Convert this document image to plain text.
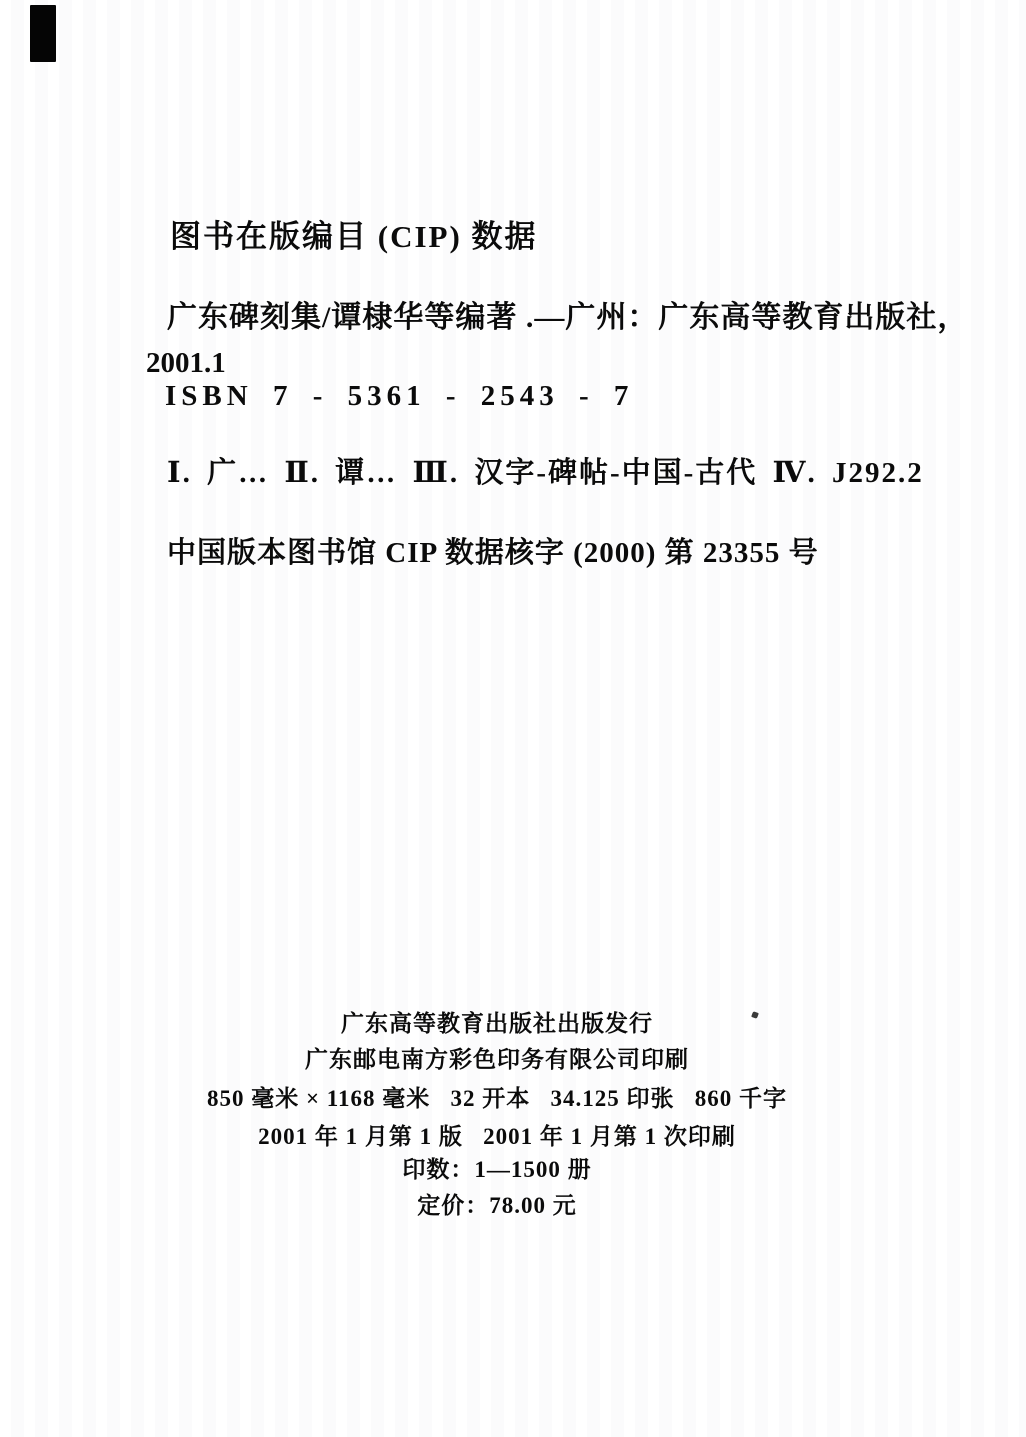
图书在版编目 (CIP) 数据
广东碑刻集/谭棣华等编著 .—广州：广东高等教育出版社，
2001.1
ISBN 7 - 5361 - 2543 - 7
Ⅰ. 广… Ⅱ. 谭… Ⅲ. 汉字-碑帖-中国-古代 Ⅳ. J292.2
中国版本图书馆 CIP 数据核字 (2000) 第 23355 号
广东高等教育出版社出版发行
广东邮电南方彩色印务有限公司印刷
850 毫米 × 1168 毫米   32 开本   34.125 印张   860 千字
2001 年 1 月第 1 版   2001 年 1 月第 1 次印刷
印数：1—1500 册
定价：78.00 元
